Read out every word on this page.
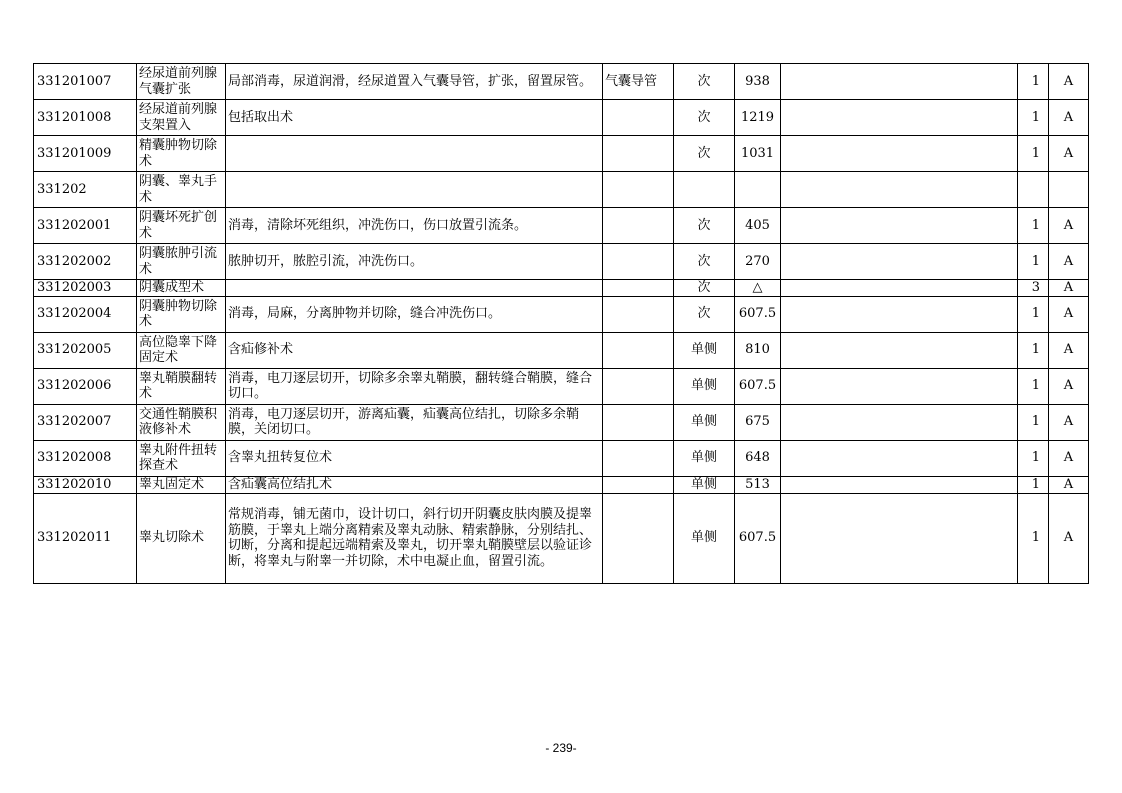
331201007	经尿道前列腺气囊扩张	局部消毒，尿道润滑，经尿道置入气囊导管，扩张，留置尿管。	气囊导管	次	938		1	A
331201008	经尿道前列腺支架置入	包括取出术		次	1219		1	A
331201009	精囊肿物切除术			次	1031		1	A
331202	阴囊、睾丸手术							
331202001	阴囊坏死扩创术	消毒，清除坏死组织，冲洗伤口，伤口放置引流条。		次	405		1	A
331202002	阴囊脓肿引流术	脓肿切开，脓腔引流，冲洗伤口。		次	270		1	A
331202003	阴囊成型术			次	△		3	A
331202004	阴囊肿物切除术	消毒，局麻，分离肿物并切除，缝合冲洗伤口。		次	607.5		1	A
331202005	高位隐睾下降固定术	含疝修补术		单侧	810		1	A
331202006	睾丸鞘膜翻转术	消毒，电刀逐层切开，切除多余睾丸鞘膜，翻转缝合鞘膜，缝合切口。		单侧	607.5		1	A
331202007	交通性鞘膜积液修补术	消毒，电刀逐层切开，游离疝囊，疝囊高位结扎，切除多余鞘膜，关闭切口。		单侧	675		1	A
331202008	睾丸附件扭转探查术	含睾丸扭转复位术		单侧	648		1	A
331202010	睾丸固定术	含疝囊高位结扎术		单侧	513		1	A
331202011	睾丸切除术	常规消毒，铺无菌巾，设计切口，斜行切开阴囊皮肤肉膜及提睾筋膜，于睾丸上端分离精索及睾丸动脉、精索静脉，分别结扎、切断，分离和提起远端精索及睾丸，切开睾丸鞘膜壁层以验证诊断，将睾丸与附睾一并切除，术中电凝止血，留置引流。		单侧	607.5		1	A
- 239-
